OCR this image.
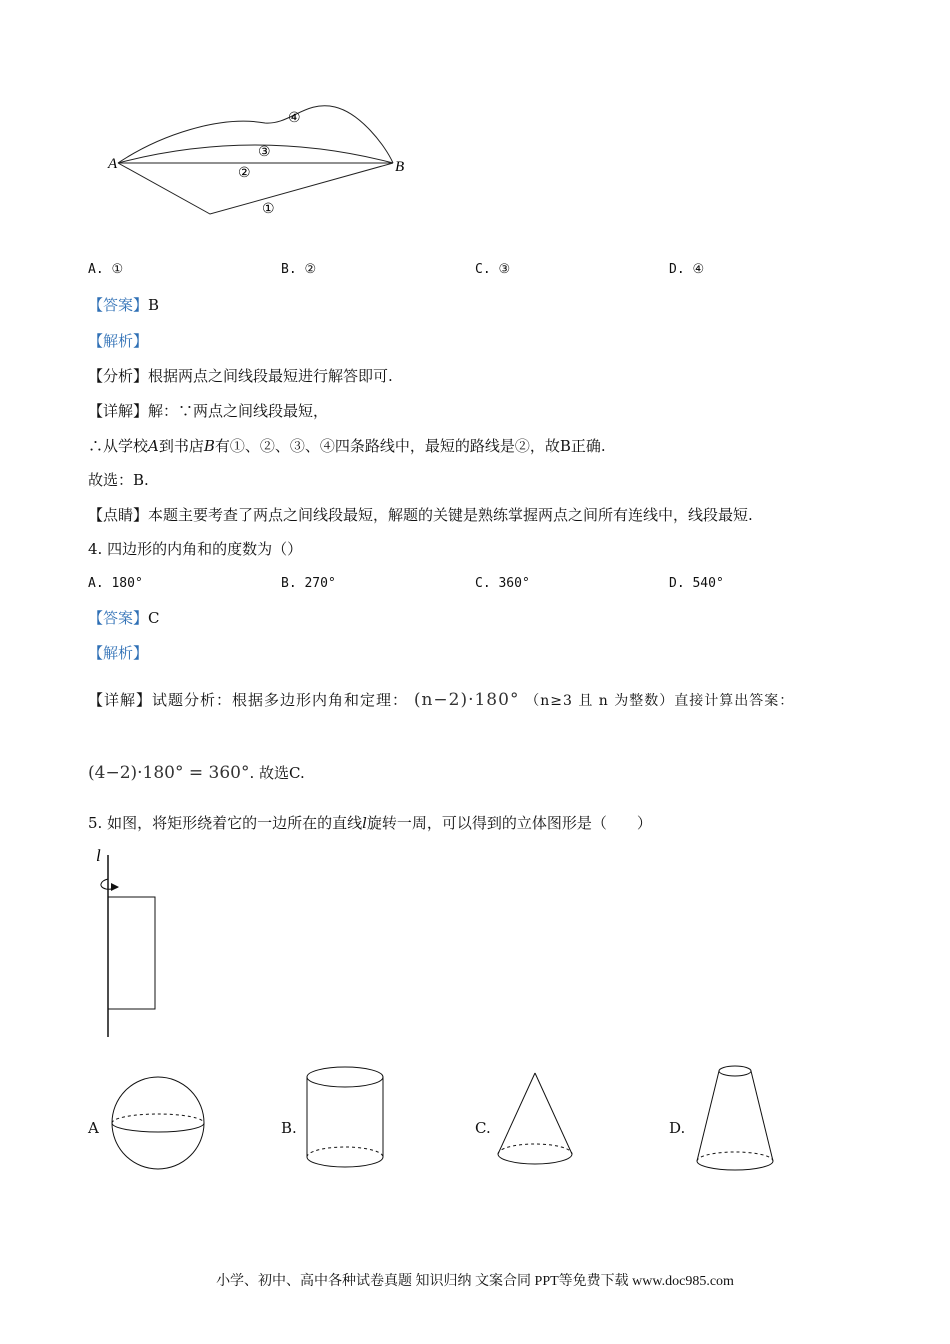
A	B
④
③
②
①
A. ①	B. ②	C. ③	D. ④
【答案】B
【解析】
【分析】根据两点之间线段最短进行解答即可.
【详解】解：∵两点之间线段最短，
∴从学校A到书店B有①、②、③、④四条路线中，最短的路线是②，故B正确.
故选：B.
【点睛】本题主要考查了两点之间线段最短，解题的关键是熟练掌握两点之间所有连线中，线段最短.
4. 四边形的内角和的度数为（）
A. 180°	B. 270°	C. 360°	D. 540°
【答案】C
【解析】
【详解】试题分析：根据多边形内角和定理： (n−2)·180° （n≥3 且 n 为整数）直接计算出答案：
(4−2)·180° = 360°. 故选C.
5. 如图，将矩形绕着它的一边所在的直线l旋转一周，可以得到的立体图形是（　　）
l
A	B.	C.	D.
小学、初中、高中各种试卷真题 知识归纳 文案合同 PPT等免费下载 www.doc985.com
